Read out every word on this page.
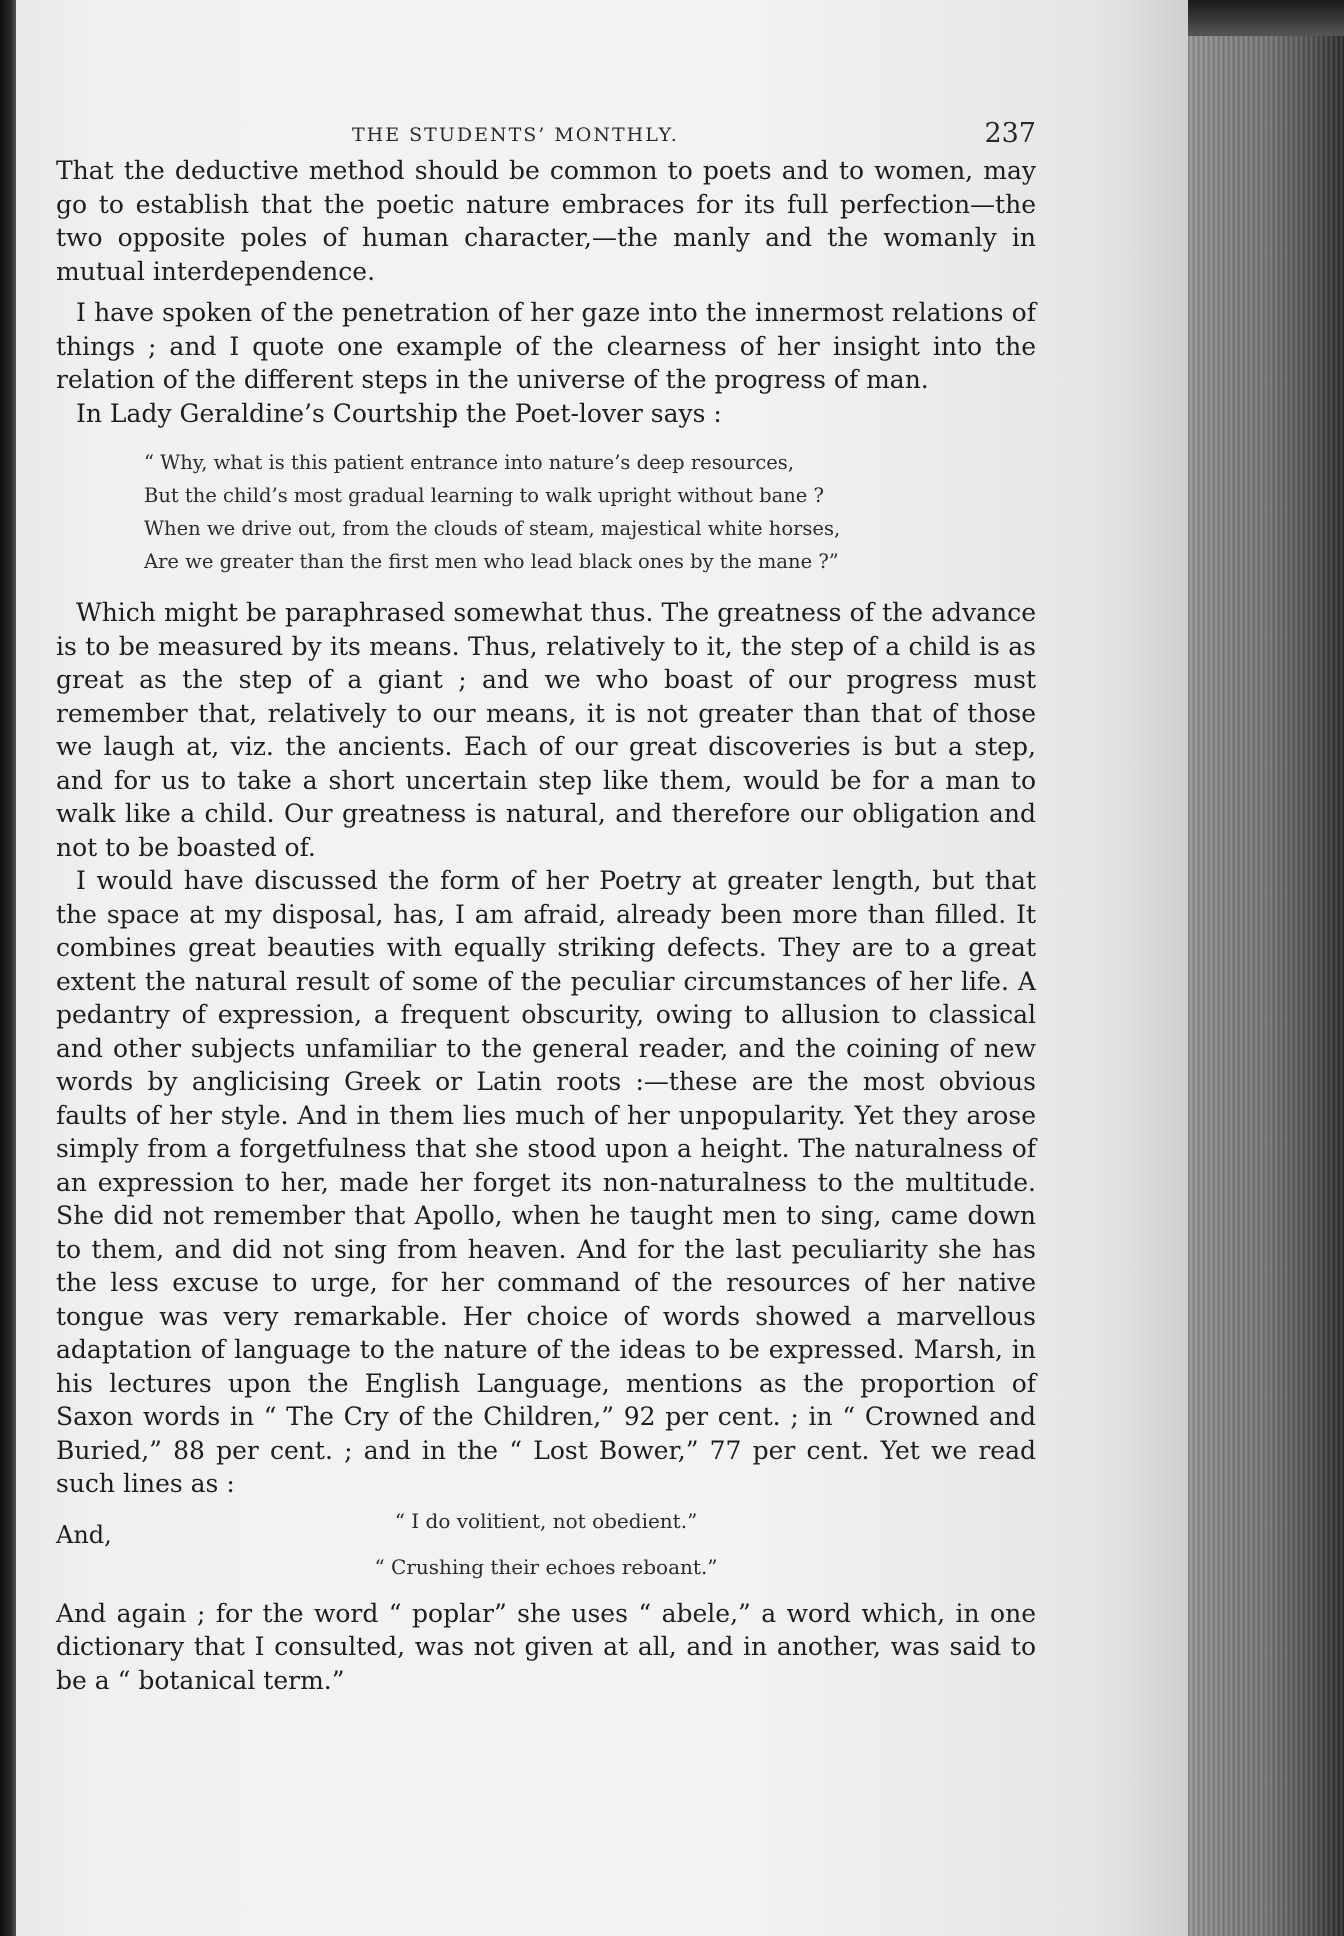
THE STUDENTS’ MONTHLY.	237

That the deductive method should be common to poets and to women, may go to establish that the poetic nature embraces for its full perfection—the two opposite poles of human character,—the manly and the womanly in mutual interdependence.

I have spoken of the penetration of her gaze into the innermost relations of things ; and I quote one example of the clearness of her insight into the relation of the different steps in the universe of the progress of man.

In Lady Geraldine’s Courtship the Poet-lover says :

“ Why, what is this patient entrance into nature’s deep resources,
But the child’s most gradual learning to walk upright without bane ?
When we drive out, from the clouds of steam, majestical white horses,
Are we greater than the first men who lead black ones by the mane ?”

Which might be paraphrased somewhat thus. The greatness of the advance is to be measured by its means. Thus, relatively to it, the step of a child is as great as the step of a giant ; and we who boast of our progress must remember that, relatively to our means, it is not greater than that of those we laugh at, viz. the ancients. Each of our great discoveries is but a step, and for us to take a short uncertain step like them, would be for a man to walk like a child. Our greatness is natural, and therefore our obligation and not to be boasted of.

I would have discussed the form of her Poetry at greater length, but that the space at my disposal, has, I am afraid, already been more than filled. It combines great beauties with equally striking defects. They are to a great extent the natural result of some of the peculiar circumstances of her life. A pedantry of expression, a frequent obscurity, owing to allusion to classical and other subjects unfamiliar to the general reader, and the coining of new words by anglicising Greek or Latin roots :—these are the most obvious faults of her style. And in them lies much of her unpopularity. Yet they arose simply from a forgetfulness that she stood upon a height. The naturalness of an expression to her, made her forget its non-naturalness to the multitude. She did not remember that Apollo, when he taught men to sing, came down to them, and did not sing from heaven. And for the last peculiarity she has the less excuse to urge, for her command of the resources of her native tongue was very remarkable. Her choice of words showed a marvellous adaptation of language to the nature of the ideas to be expressed. Marsh, in his lectures upon the English Language, mentions as the proportion of Saxon words in “ The Cry of the Children,” 92 per cent. ; in “ Crowned and Buried,” 88 per cent. ; and in the “ Lost Bower,” 77 per cent. Yet we read such lines as :

And,	“ I do volitient, not obedient.”
“ Crushing their echoes reboant.”

And again ; for the word “ poplar” she uses “ abele,” a word which, in one dictionary that I consulted, was not given at all, and in another, was said to be a “ botanical term.”
